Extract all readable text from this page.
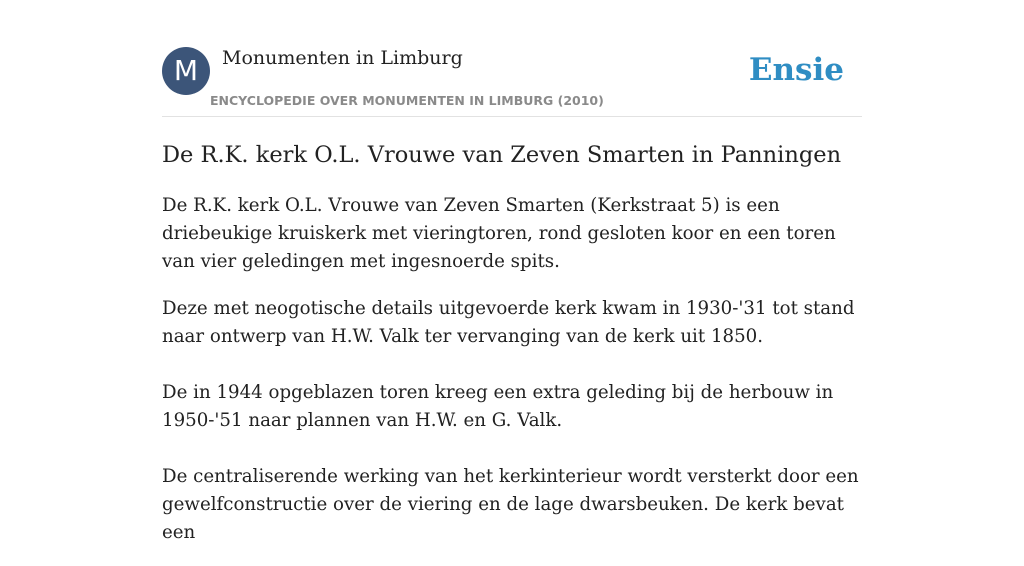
M	Monumenten in Limburg
ENCYCLOPEDIE OVER MONUMENTEN IN LIMBURG (2010)
Ensie
De R.K. kerk O.L. Vrouwe van Zeven Smarten in Panningen

De R.K. kerk O.L. Vrouwe van Zeven Smarten (Kerkstraat 5) is een driebeukige kruiskerk met vieringtoren, rond gesloten koor en een toren van vier geledingen met ingesnoerde spits.

Deze met neogotische details uitgevoerde kerk kwam in 1930-'31 tot stand naar ontwerp van H.W. Valk ter vervanging van de kerk uit 1850.

De in 1944 opgeblazen toren kreeg een extra geleding bij de herbouw in 1950-'51 naar plannen van H.W. en G. Valk.

De centraliserende werking van het kerkinterieur wordt versterkt door een gewelfconstructie over de viering en de lage dwarsbeuken. De kerk bevat een
